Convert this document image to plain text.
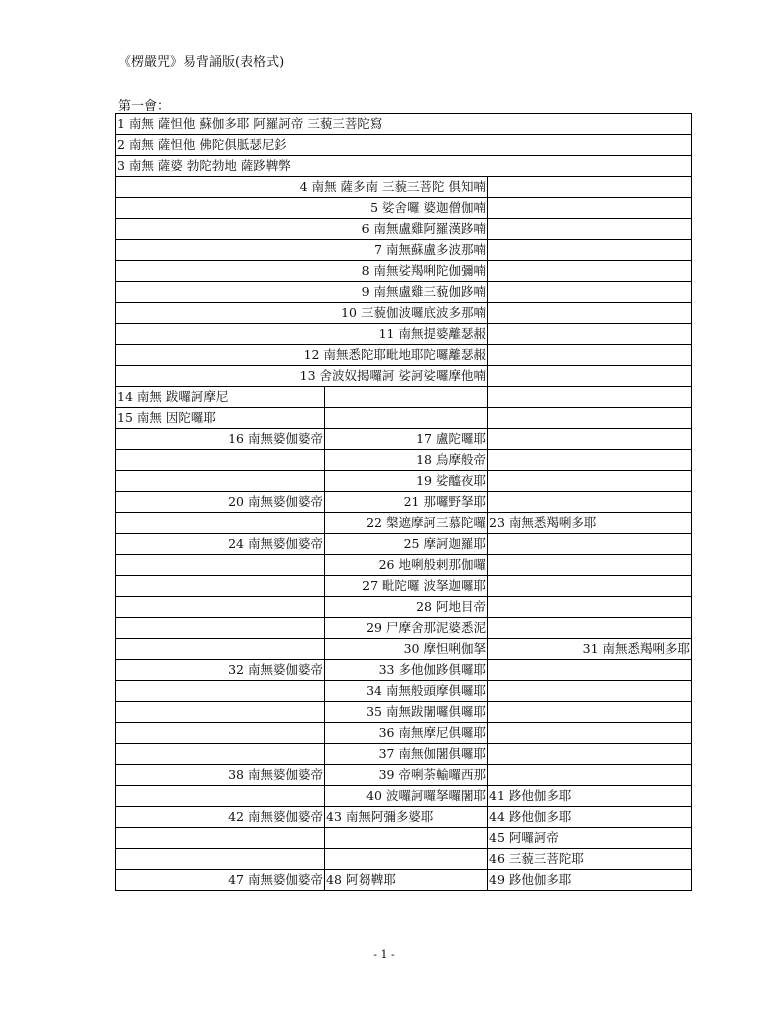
《楞嚴咒》易背誦版(表格式)
第一會：
1 南無 薩怛他 蘇伽多耶 阿羅訶帝 三藐三菩陀寫		
2 南無 薩怛他 佛陀俱胝瑟尼釤		
3 南無 薩婆 勃陀勃地 薩跢鞞弊		
4 南無 薩多南 三藐三菩陀 俱知喃		
5 娑舍囉 婆迦僧伽喃		
6 南無盧雞阿羅漢跢喃		
7 南無蘇盧多波那喃		
8 南無娑羯唎陀伽彌喃		
9 南無盧雞三藐伽跢喃		
10 三藐伽波囉底波多那喃		
11 南無提婆離瑟赧		
12 南無悉陀耶毗地耶陀囉離瑟赧		
13 舍波奴揭囉訶 娑訶娑囉摩他喃		
14 南無 跋囉訶摩尼		
15 南無 因陀囉耶		
16 南無婆伽婆帝	17 盧陀囉耶	
	18 烏摩般帝	
	19 娑醯夜耶	
20 南無婆伽婆帝	21 那囉野拏耶	
	22 槃遮摩訶三慕陀囉	23 南無悉羯唎多耶
24 南無婆伽婆帝	25 摩訶迦羅耶	
	26 地唎般剌那伽囉	
	27 毗陀囉 波拏迦囉耶	
	28 阿地目帝	
	29 尸摩舍那泥婆悉泥	
	30 摩怛唎伽拏	31 南無悉羯唎多耶
32 南無婆伽婆帝	33 多他伽跢俱囉耶	
	34 南無般頭摩俱囉耶	
	35 南無跋闍囉俱囉耶	
	36 南無摩尼俱囉耶	
	37 南無伽闍俱囉耶	
38 南無婆伽婆帝	39 帝唎荼輸囉西那	
	40 波囉訶囉拏囉闍耶	41 跢他伽多耶
42 南無婆伽婆帝	43 南無阿彌多婆耶	44 跢他伽多耶
		45 阿囉訶帝
		46 三藐三菩陀耶
47 南無婆伽婆帝	48 阿芻鞞耶	49 跢他伽多耶
- 1 -
